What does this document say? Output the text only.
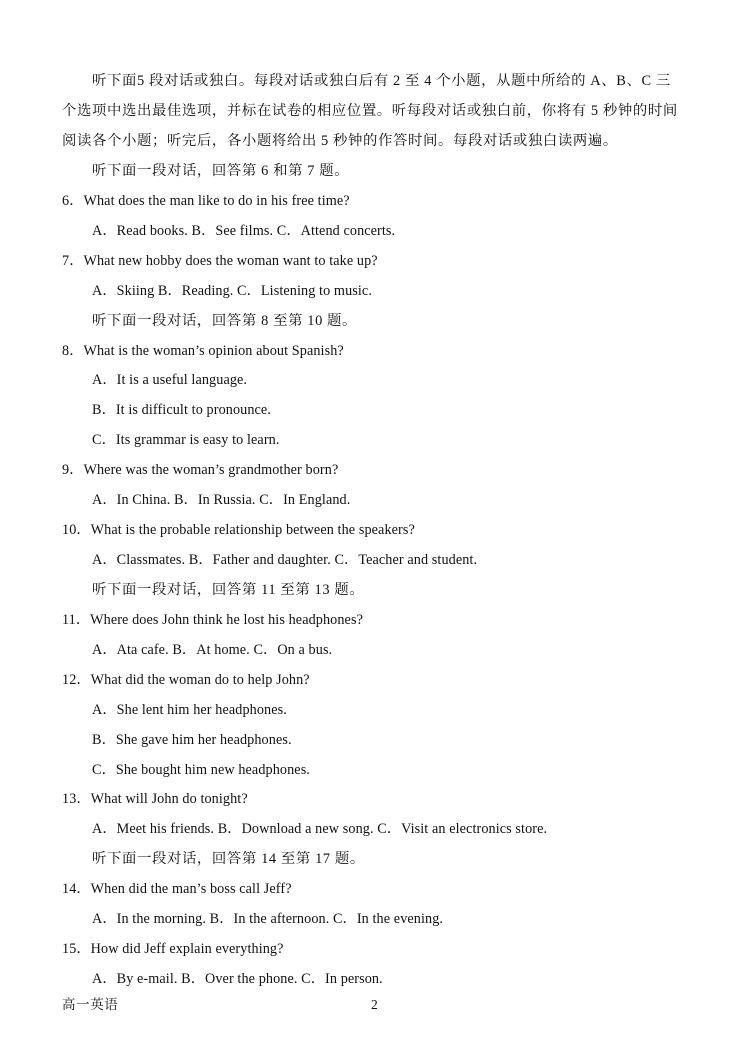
听下面5 段对话或独白。每段对话或独白后有 2 至 4 个小题，从题中所给的 A、B、C 三
个选项中选出最佳选项，并标在试卷的相应位置。听每段对话或独白前，你将有 5 秒钟的时间
阅读各个小题；听完后，各小题将给出 5 秒钟的作答时间。每段对话或独白读两遍。
听下面一段对话，回答第 6 和第 7 题。
6．What does the man like to do in his free time?
A．Read books. B．See films. C．Attend concerts.
7．What new hobby does the woman want to take up?
A．Skiing B．Reading. C．Listening to music.
听下面一段对话，回答第 8 至第 10 题。
8．What is the woman’s opinion about Spanish?
A．It is a useful language.
B．It is difficult to pronounce.
C．Its grammar is easy to learn.
9．Where was the woman’s grandmother born?
A．In China. B．In Russia. C．In England.
10．What is the probable relationship between the speakers?
A．Classmates. B．Father and daughter. C．Teacher and student.
听下面一段对话，回答第 11 至第 13 题。
11．Where does John think he lost his headphones?
A．Ata cafe. B．At home. C．On a bus.
12．What did the woman do to help John?
A．She lent him her headphones.
B．She gave him her headphones.
C．She bought him new headphones.
13．What will John do tonight?
A．Meet his friends. B．Download a new song. C．Visit an electronics store.
听下面一段对话，回答第 14 至第 17 题。
14．When did the man’s boss call Jeff?
A．In the morning. B．In the afternoon. C．In the evening.
15．How did Jeff explain everything?
A．By e-mail. B．Over the phone. C．In person.
高一英语	2
